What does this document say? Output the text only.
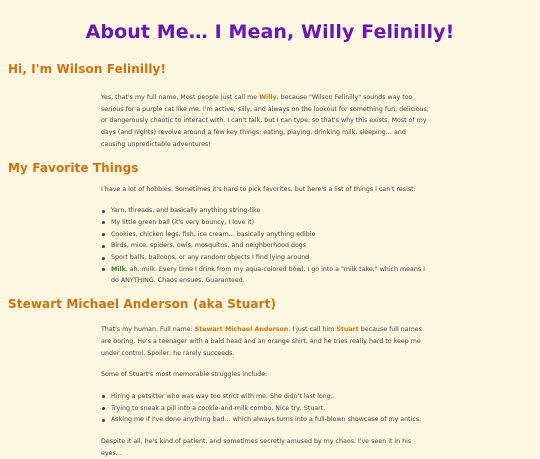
About Me… I Mean, Willy Felinilly!
Hi, I'm Wilson Felinilly!

Yes, that's my full name. Most people just call me Willy, because "Wilson Felinilly" sounds way too serious for a purple cat like me. I'm active, silly, and always on the lookout for something fun, delicious, or dangerously chaotic to interact with. I can't talk, but I can type, so that's why this exists. Most of my days (and nights) revolve around a few key things: eating, playing, drinking milk, sleeping… and causing unpredictable adventures!

My Favorite Things

I have a lot of hobbies. Sometimes it's hard to pick favorites, but here's a list of things I can't resist:

Yarn, threads, and basically anything string-like
My little green ball (it's very bouncy, I love it)
Cookies, chicken legs, fish, ice cream… basically anything edible
Birds, mice, spiders, owls, mosquitos, and neighborhood dogs
Sport balls, balloons, or any random objects I find lying around
Milk, ah, milk. Every time I drink from my aqua-colored bowl, I go into a "milk take," which means I do ANYTHING. Chaos ensues. Guaranteed.
Stewart Michael Anderson (aka Stuart)

That's my human. Full name: Stewart Michael Anderson. I just call him Stuart because full names are boring. He's a teenager with a bald head and an orange shirt, and he tries really hard to keep me under control. Spoiler: he rarely succeeds.

Some of Stuart's most memorable struggles include:

Hiring a petsitter who was way too strict with me. She didn't last long.
Trying to sneak a pill into a cookie-and-milk combo. Nice try, Stuart.
Asking me if I've done anything bad… which always turns into a full-blown showcase of my antics.

Despite it all, he's kind of patient, and sometimes secretly amused by my chaos. I've seen it in his eyes…
